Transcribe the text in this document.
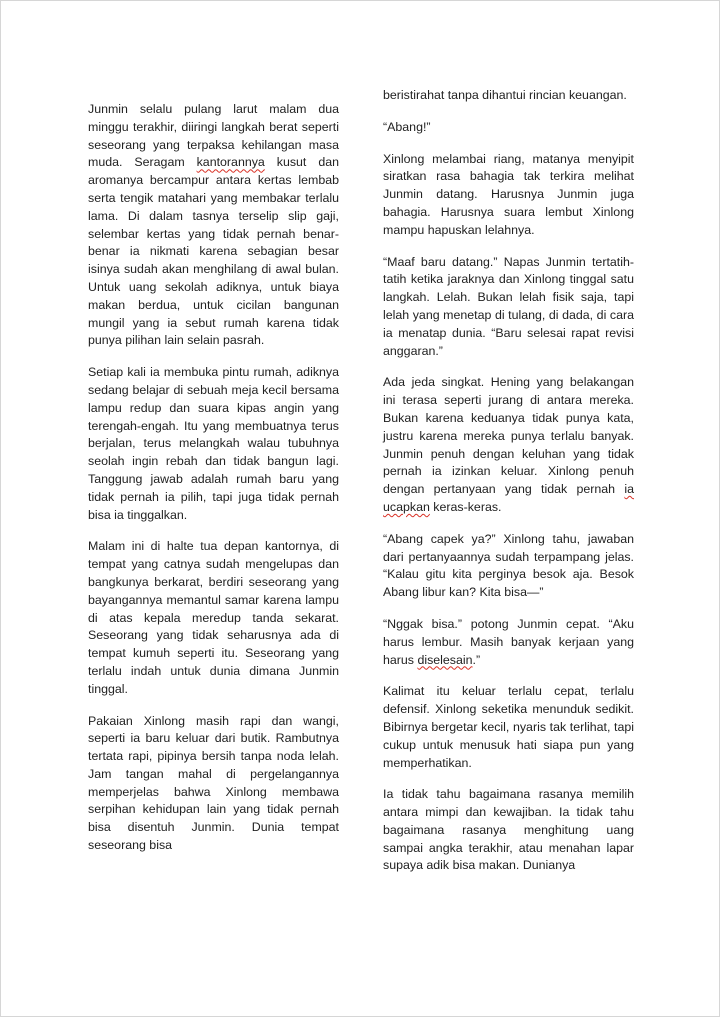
Junmin selalu pulang larut malam dua minggu terakhir, diiringi langkah berat seperti seseorang yang terpaksa kehilangan masa muda. Seragam kantorannya kusut dan aromanya bercampur antara kertas lembab serta tengik matahari yang membakar terlalu lama. Di dalam tasnya terselip slip gaji, selembar kertas yang tidak pernah benar-benar ia nikmati karena sebagian besar isinya sudah akan menghilang di awal bulan. Untuk uang sekolah adiknya, untuk biaya makan berdua, untuk cicilan bangunan mungil yang ia sebut rumah karena tidak punya pilihan lain selain pasrah.

Setiap kali ia membuka pintu rumah, adiknya sedang belajar di sebuah meja kecil bersama lampu redup dan suara kipas angin yang terengah-engah. Itu yang membuatnya terus berjalan, terus melangkah walau tubuhnya seolah ingin rebah dan tidak bangun lagi. Tanggung jawab adalah rumah baru yang tidak pernah ia pilih, tapi juga tidak pernah bisa ia tinggalkan.

Malam ini di halte tua depan kantornya, di tempat yang catnya sudah mengelupas dan bangkunya berkarat, berdiri seseorang yang bayangannya memantul samar karena lampu di atas kepala meredup tanda sekarat. Seseorang yang tidak seharusnya ada di tempat kumuh seperti itu. Seseorang yang terlalu indah untuk dunia dimana Junmin tinggal.

Pakaian Xinlong masih rapi dan wangi, seperti ia baru keluar dari butik. Rambutnya tertata rapi, pipinya bersih tanpa noda lelah. Jam tangan mahal di pergelangannya memperjelas bahwa Xinlong membawa serpihan kehidupan lain yang tidak pernah bisa disentuh Junmin. Dunia tempat seseorang bisa

beristirahat tanpa dihantui rincian keuangan.

“Abang!”

Xinlong melambai riang, matanya menyipit siratkan rasa bahagia tak terkira melihat Junmin datang. Harusnya Junmin juga bahagia. Harusnya suara lembut Xinlong mampu hapuskan lelahnya.

“Maaf baru datang.” Napas Junmin tertatih-tatih ketika jaraknya dan Xinlong tinggal satu langkah. Lelah. Bukan lelah fisik saja, tapi lelah yang menetap di tulang, di dada, di cara ia menatap dunia. “Baru selesai rapat revisi anggaran.”

Ada jeda singkat. Hening yang belakangan ini terasa seperti jurang di antara mereka. Bukan karena keduanya tidak punya kata, justru karena mereka punya terlalu banyak. Junmin penuh dengan keluhan yang tidak pernah ia izinkan keluar. Xinlong penuh dengan pertanyaan yang tidak pernah ia ucapkan keras-keras.

“Abang capek ya?” Xinlong tahu, jawaban dari pertanyaannya sudah terpampang jelas. “Kalau gitu kita perginya besok aja. Besok Abang libur kan? Kita bisa—”

“Nggak bisa.” potong Junmin cepat. “Aku harus lembur. Masih banyak kerjaan yang harus diselesain.”

Kalimat itu keluar terlalu cepat, terlalu defensif. Xinlong seketika menunduk sedikit. Bibirnya bergetar kecil, nyaris tak terlihat, tapi cukup untuk menusuk hati siapa pun yang memperhatikan.

Ia tidak tahu bagaimana rasanya memilih antara mimpi dan kewajiban. Ia tidak tahu bagaimana rasanya menghitung uang sampai angka terakhir, atau menahan lapar supaya adik bisa makan. Dunianya
